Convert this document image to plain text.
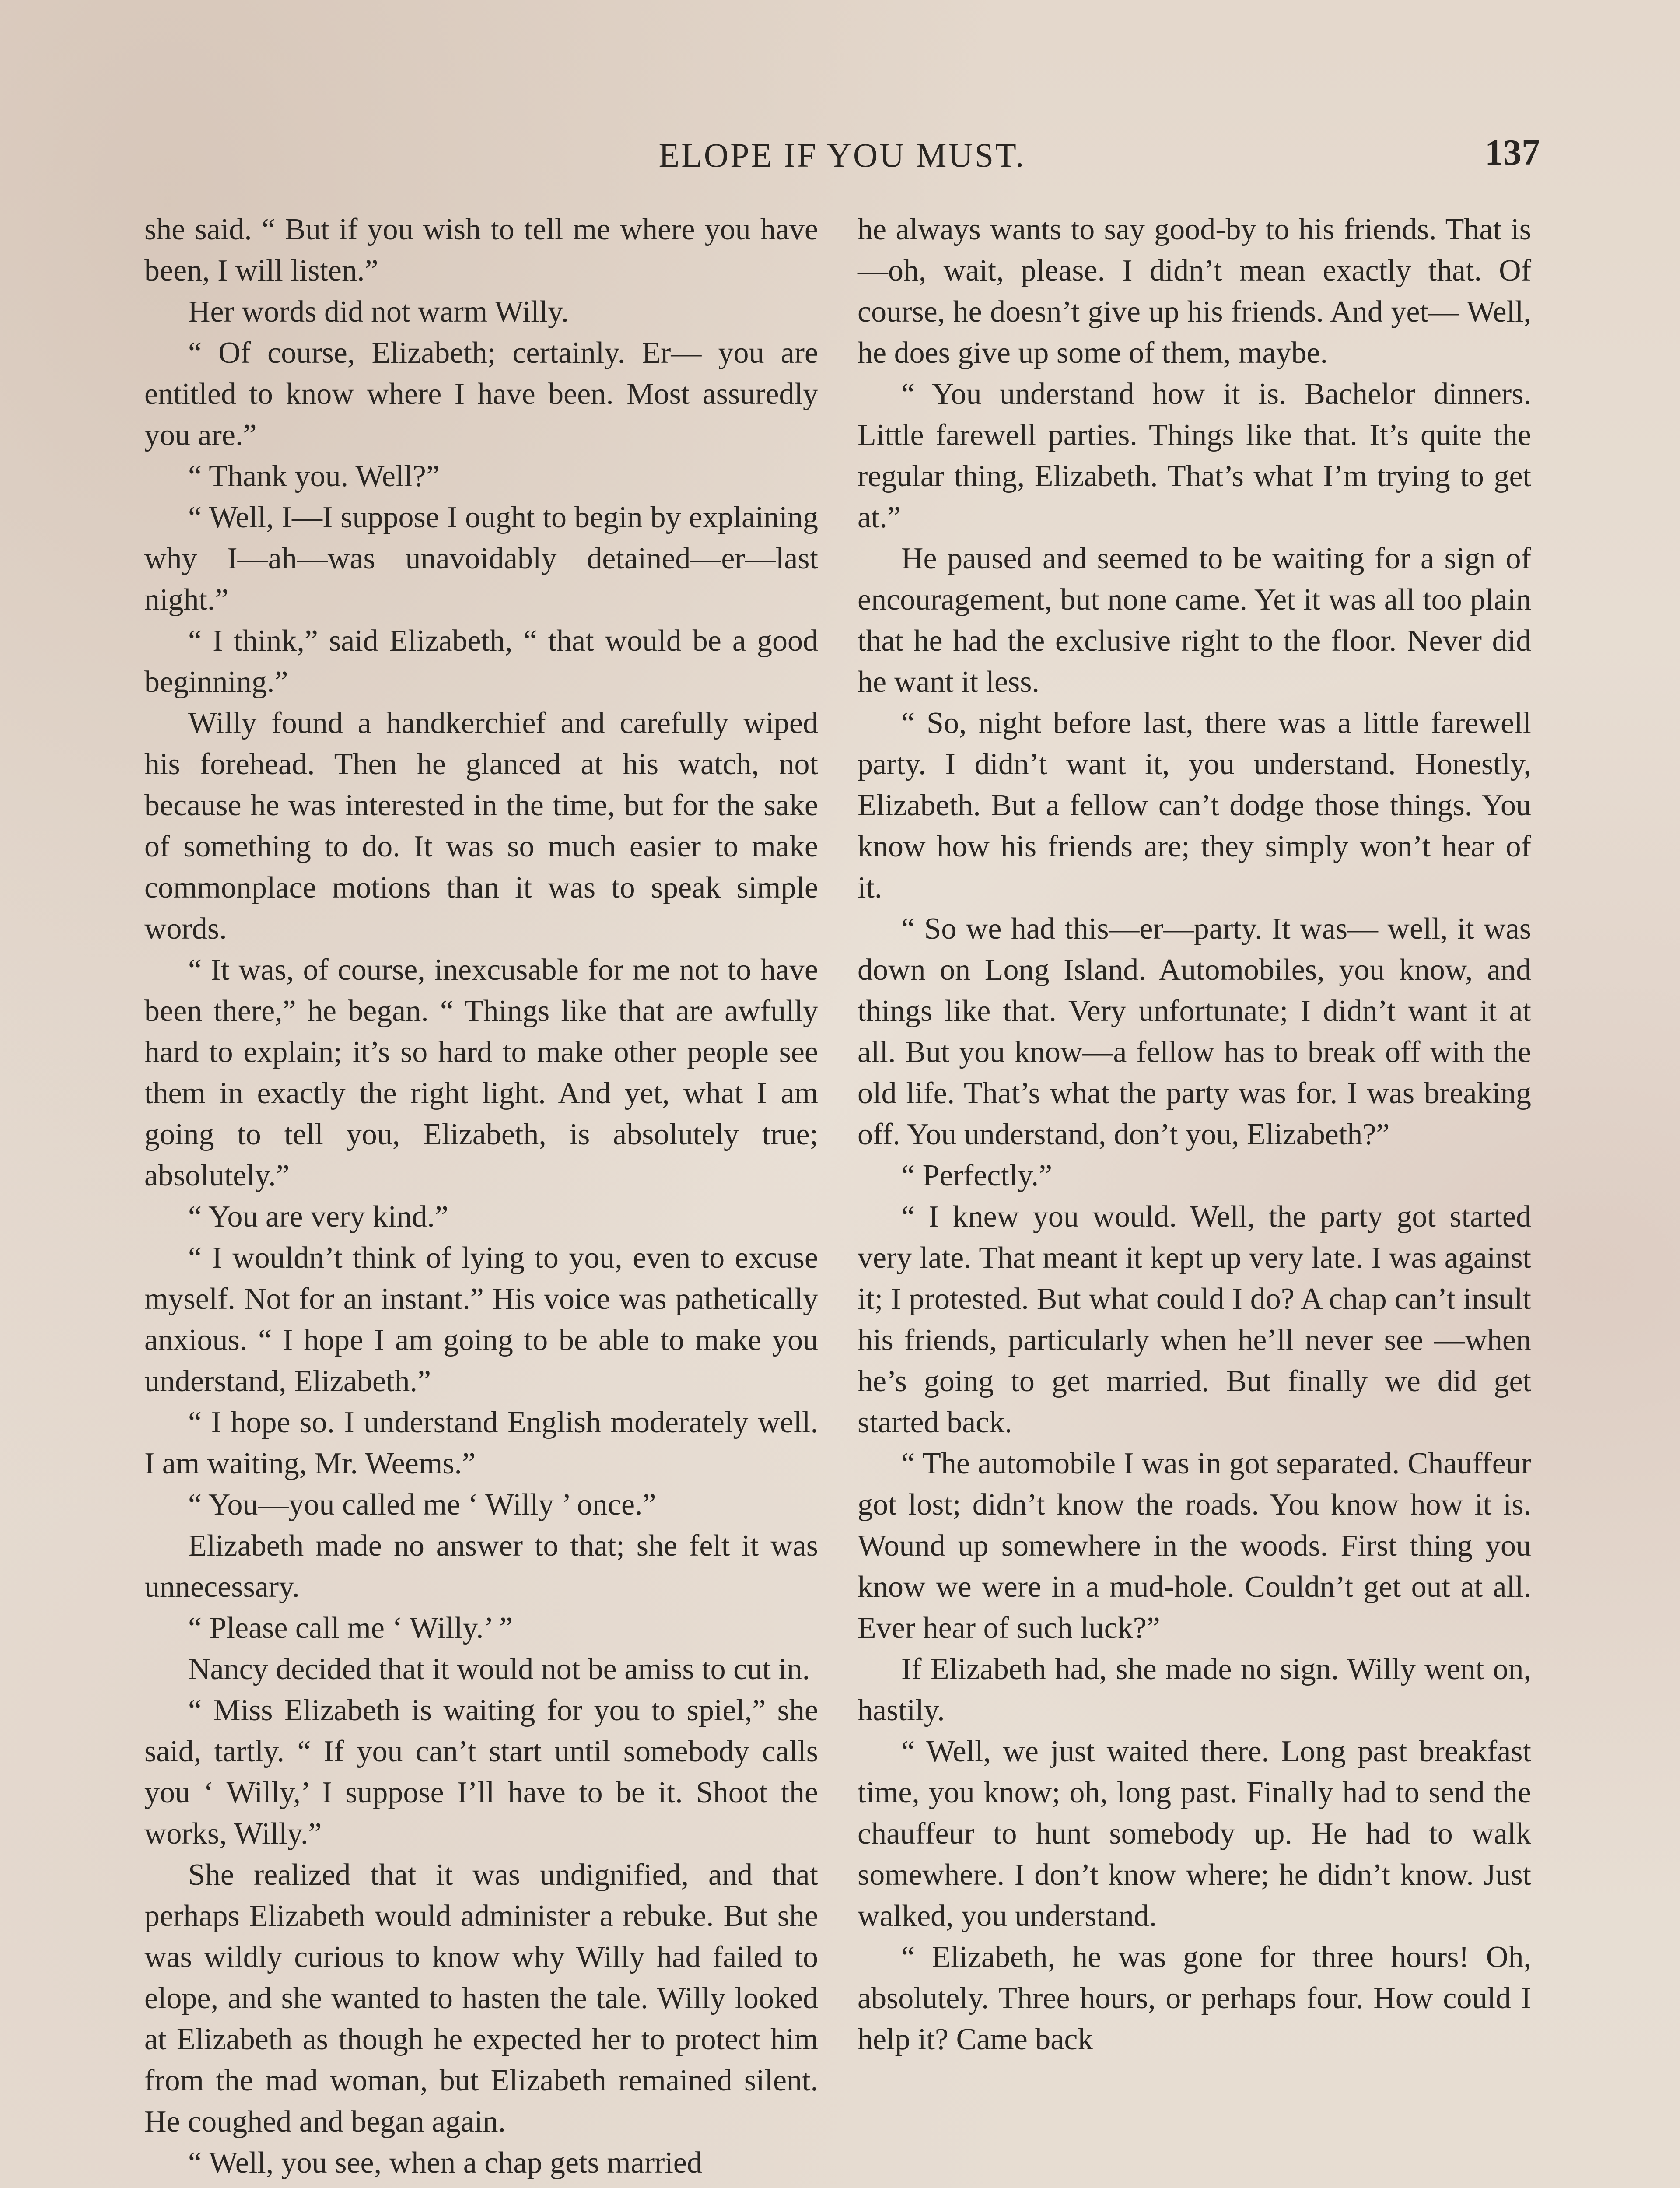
ELOPE IF YOU MUST.	137

she said. “ But if you wish to tell me where you have been, I will listen.”

Her words did not warm Willy.

“ Of course, Elizabeth; certainly. Er— you are entitled to know where I have been. Most assuredly you are.”

“ Thank you. Well?”

“ Well, I—I suppose I ought to begin by explaining why I—ah—was unavoidably detained—er—last night.”

“ I think,” said Elizabeth, “ that would be a good beginning.”

Willy found a handkerchief and carefully wiped his forehead. Then he glanced at his watch, not because he was interested in the time, but for the sake of something to do. It was so much easier to make commonplace motions than it was to speak simple words.

“ It was, of course, inexcusable for me not to have been there,” he began. “ Things like that are awfully hard to explain; it’s so hard to make other people see them in exactly the right light. And yet, what I am going to tell you, Elizabeth, is absolutely true; absolutely.”

“ You are very kind.”

“ I wouldn’t think of lying to you, even to excuse myself. Not for an instant.” His voice was pathetically anxious. “ I hope I am going to be able to make you understand, Elizabeth.”

“ I hope so. I understand English moderately well. I am waiting, Mr. Weems.”

“ You—you called me ‘ Willy ’ once.”

Elizabeth made no answer to that; she felt it was unnecessary.

“ Please call me ‘ Willy.’ ”

Nancy decided that it would not be amiss to cut in.

“ Miss Elizabeth is waiting for you to spiel,” she said, tartly. “ If you can’t start until somebody calls you ‘ Willy,’ I suppose I’ll have to be it. Shoot the works, Willy.”

She realized that it was undignified, and that perhaps Elizabeth would administer a rebuke. But she was wildly curious to know why Willy had failed to elope, and she wanted to hasten the tale. Willy looked at Elizabeth as though he expected her to protect him from the mad woman, but Elizabeth remained silent. He coughed and began again.

“ Well, you see, when a chap gets married

he always wants to say good-by to his friends. That is—oh, wait, please. I didn’t mean exactly that. Of course, he doesn’t give up his friends. And yet— Well, he does give up some of them, maybe.

“ You understand how it is. Bachelor dinners. Little farewell parties. Things like that. It’s quite the regular thing, Elizabeth. That’s what I’m trying to get at.”

He paused and seemed to be waiting for a sign of encouragement, but none came. Yet it was all too plain that he had the exclusive right to the floor. Never did he want it less.

“ So, night before last, there was a little farewell party. I didn’t want it, you understand. Honestly, Elizabeth. But a fellow can’t dodge those things. You know how his friends are; they simply won’t hear of it.

“ So we had this—er—party. It was— well, it was down on Long Island. Automobiles, you know, and things like that. Very unfortunate; I didn’t want it at all. But you know—a fellow has to break off with the old life. That’s what the party was for. I was breaking off. You understand, don’t you, Elizabeth?”

“ Perfectly.”

“ I knew you would. Well, the party got started very late. That meant it kept up very late. I was against it; I protested. But what could I do? A chap can’t insult his friends, particularly when he’ll never see —when he’s going to get married. But finally we did get started back.

“ The automobile I was in got separated. Chauffeur got lost; didn’t know the roads. You know how it is. Wound up somewhere in the woods. First thing you know we were in a mud-hole. Couldn’t get out at all. Ever hear of such luck?”

If Elizabeth had, she made no sign. Willy went on, hastily.

“ Well, we just waited there. Long past breakfast time, you know; oh, long past. Finally had to send the chauffeur to hunt somebody up. He had to walk somewhere. I don’t know where; he didn’t know. Just walked, you understand.

“ Elizabeth, he was gone for three hours! Oh, absolutely. Three hours, or perhaps four. How could I help it? Came back
